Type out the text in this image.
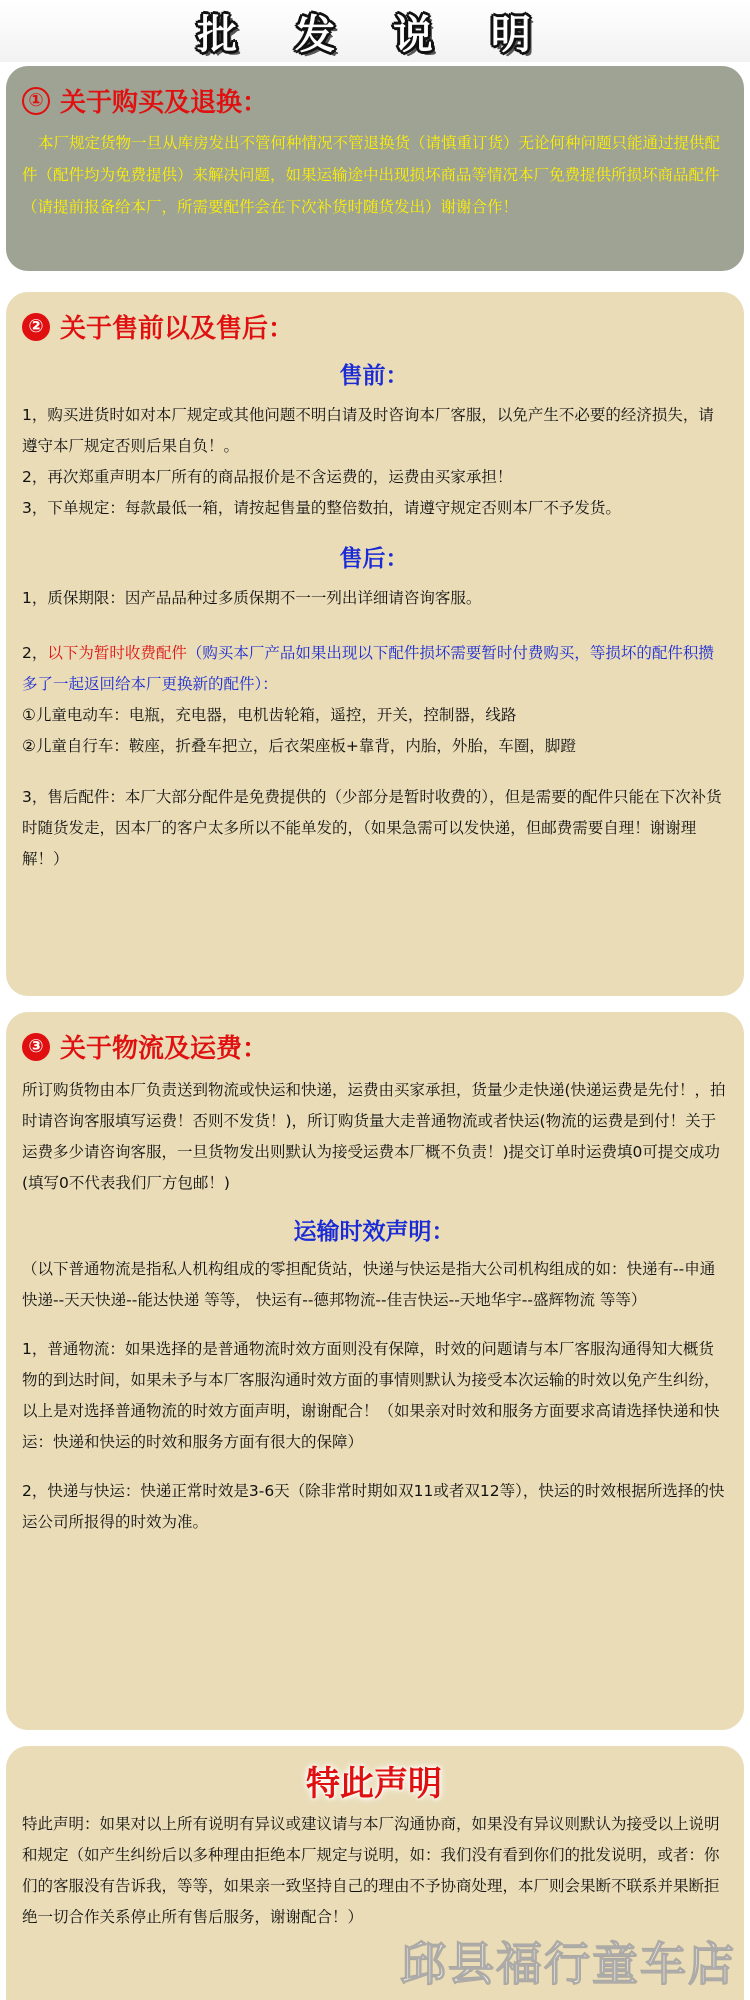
批 发 说 明
① 关于购买及退换：

本厂规定货物一旦从库房发出不管何种情况不管退换货（请慎重订货）无论何种问题只能通过提供配件（配件均为免费提供）来解决问题，如果运输途中出现损坏商品等情况本厂免费提供所损坏商品配件（请提前报备给本厂，所需要配件会在下次补货时随货发出）谢谢合作！

② 关于售前以及售后：
售前：

1，购买进货时如对本厂规定或其他问题不明白请及时咨询本厂客服，以免产生不必要的经济损失，请遵守本厂规定否则后果自负！。

2，再次郑重声明本厂所有的商品报价是不含运费的，运费由买家承担！

3，下单规定：每款最低一箱，请按起售量的整倍数拍，请遵守规定否则本厂不予发货。

售后：

1，质保期限：因产品品种过多质保期不一一列出详细请咨询客服。

2，以下为暂时收费配件（购买本厂产品如果出现以下配件损坏需要暂时付费购买，等损坏的配件积攒多了一起返回给本厂更换新的配件）：

①儿童电动车：电瓶，充电器，电机齿轮箱，遥控，开关，控制器，线路

②儿童自行车：鞍座，折叠车把立，后衣架座板+靠背，内胎，外胎，车圈，脚蹬

3，售后配件：本厂大部分配件是免费提供的（少部分是暂时收费的），但是需要的配件只能在下次补货时随货发走，因本厂的客户太多所以不能单发的，（如果急需可以发快递，但邮费需要自理！谢谢理解！）

③ 关于物流及运费：

所订购货物由本厂负责送到物流或快运和快递，运费由买家承担，货量少走快递(快递运费是先付！，拍时请咨询客服填写运费！否则不发货！)，所订购货量大走普通物流或者快运(物流的运费是到付！关于运费多少请咨询客服，一旦货物发出则默认为接受运费本厂概不负责！)提交订单时运费填0可提交成功(填写0不代表我们厂方包邮！)

运输时效声明：

（以下普通物流是指私人机构组成的零担配货站，快递与快运是指大公司机构组成的如：快递有--申通快递--天天快递--能达快递 等等， 快运有--德邦物流--佳吉快运--天地华宇--盛辉物流 等等）

1，普通物流：如果选择的是普通物流时效方面则没有保障，时效的问题请与本厂客服沟通得知大概货物的到达时间，如果未予与本厂客服沟通时效方面的事情则默认为接受本次运输的时效以免产生纠纷，以上是对选择普通物流的时效方面声明，谢谢配合！（如果亲对时效和服务方面要求高请选择快递和快运：快递和快运的时效和服务方面有很大的保障）

2，快递与快运：快递正常时效是3-6天（除非常时期如双11或者双12等），快运的时效根据所选择的快运公司所报得的时效为准。

特此声明

特此声明：如果对以上所有说明有异议或建议请与本厂沟通协商，如果没有异议则默认为接受以上说明和规定（如产生纠纷后以多种理由拒绝本厂规定与说明，如：我们没有看到你们的批发说明，或者：你们的客服没有告诉我，等等，如果亲一致坚持自己的理由不予协商处理，本厂则会果断不联系并果断拒绝一切合作关系停止所有售后服务，谢谢配合！）

邱县福行童车店
